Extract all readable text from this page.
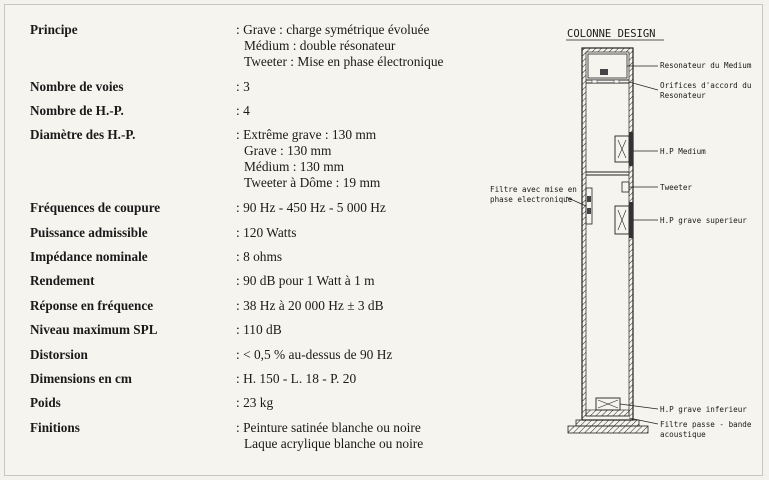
Principe	: Grave : charge symétrique évoluée
Médium : double résonateur
Tweeter : Mise en phase électronique
Nombre de voies	: 3
Nombre de H.-P.	: 4
Diamètre des H.-P.	: Extrême grave : 130 mm
Grave : 130 mm
Médium : 130 mm
Tweeter à Dôme : 19 mm
Fréquences de coupure	: 90 Hz - 450 Hz - 5 000 Hz
Puissance admissible	: 120 Watts
Impédance nominale	: 8 ohms
Rendement	: 90 dB pour 1 Watt à 1 m
Réponse en fréquence	: 38 Hz à 20 000 Hz ± 3 dB
Niveau maximum SPL	: 110 dB
Distorsion	: < 0,5 % au-dessus de 90 Hz
Dimensions en cm	: H. 150 - L. 18 - P. 20
Poids	: 23 kg
Finitions	: Peinture satinée blanche ou noire
Laque acrylique blanche ou noire
COLONNE DESIGN
Resonateur du Medium
Orifices d'accord du
Resonateur
H.P Medium
Tweeter
Filtre avec mise en
phase electronique
H.P grave superieur
H.P grave inferieur
Filtre passe - bande
acoustique
